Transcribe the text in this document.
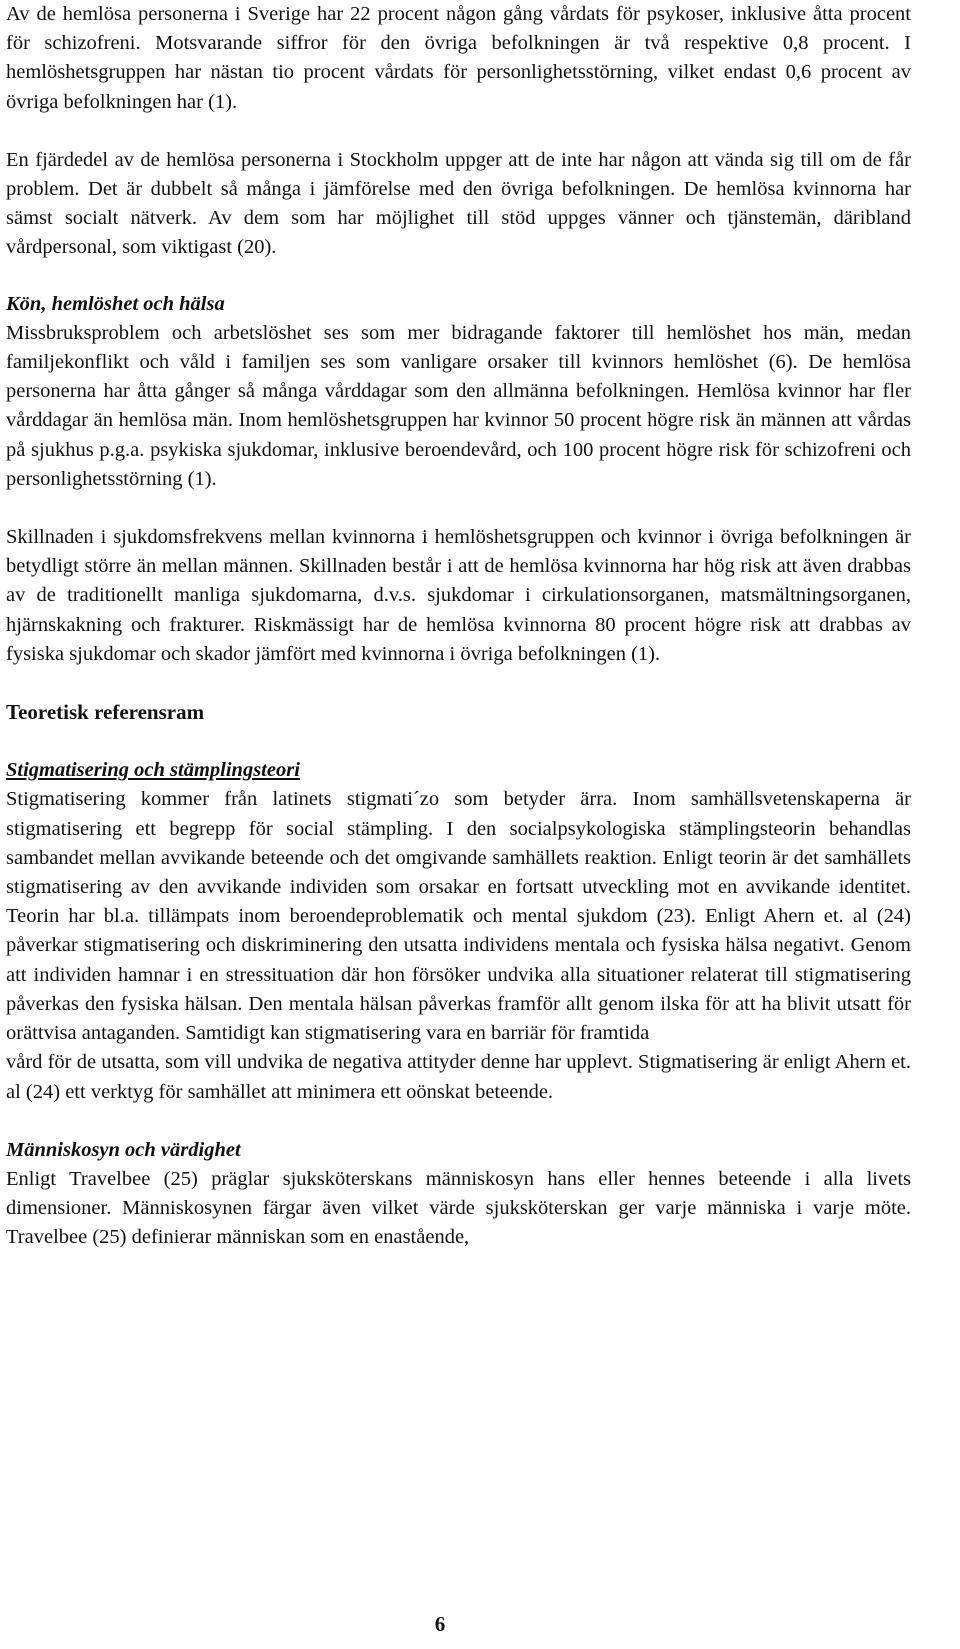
Av de hemlösa personerna i Sverige har 22 procent någon gång vårdats för psykoser, inklusive åtta procent för schizofreni. Motsvarande siffror för den övriga befolkningen är två respektive 0,8 procent. I hemlöshetsgruppen har nästan tio procent vårdats för personlighetsstörning, vilket endast 0,6 procent av övriga befolkningen har (1).

En fjärdedel av de hemlösa personerna i Stockholm uppger att de inte har någon att vända sig till om de får problem. Det är dubbelt så många i jämförelse med den övriga befolkningen. De hemlösa kvinnorna har sämst socialt nätverk. Av dem som har möjlighet till stöd uppges vänner och tjänstemän, däribland vårdpersonal, som viktigast (20).

Kön, hemlöshet och hälsa

Missbruksproblem och arbetslöshet ses som mer bidragande faktorer till hemlöshet hos män, medan familjekonflikt och våld i familjen ses som vanligare orsaker till kvinnors hemlöshet (6). De hemlösa personerna har åtta gånger så många vårddagar som den allmänna befolkningen. Hemlösa kvinnor har fler vårddagar än hemlösa män. Inom hemlöshetsgruppen har kvinnor 50 procent högre risk än männen att vårdas på sjukhus p.g.a. psykiska sjukdomar, inklusive beroendevård, och 100 procent högre risk för schizofreni och personlighetsstörning (1).

Skillnaden i sjukdomsfrekvens mellan kvinnorna i hemlöshetsgruppen och kvinnor i övriga befolkningen är betydligt större än mellan männen. Skillnaden består i att de hemlösa kvinnorna har hög risk att även drabbas av de traditionellt manliga sjukdomarna, d.v.s. sjukdomar i cirkulationsorganen, matsmältningsorganen, hjärnskakning och frakturer. Riskmässigt har de hemlösa kvinnorna 80 procent högre risk att drabbas av fysiska sjukdomar och skador jämfört med kvinnorna i övriga befolkningen (1).

Teoretisk referensram

Stigmatisering och stämplingsteori

Stigmatisering kommer från latinets stigmati´zo som betyder ärra. Inom samhällsvetenskaperna är stigmatisering ett begrepp för social stämpling. I den socialpsykologiska stämplingsteorin behandlas sambandet mellan avvikande beteende och det omgivande samhällets reaktion. Enligt teorin är det samhällets stigmatisering av den avvikande individen som orsakar en fortsatt utveckling mot en avvikande identitet. Teorin har bl.a. tillämpats inom beroendeproblematik och mental sjukdom (23). Enligt Ahern et. al (24) påverkar stigmatisering och diskriminering den utsatta individens mentala och fysiska hälsa negativt. Genom att individen hamnar i en stressituation där hon försöker undvika alla situationer relaterat till stigmatisering påverkas den fysiska hälsan. Den mentala hälsan påverkas framför allt genom ilska för att ha blivit utsatt för orättvisa antaganden. Samtidigt kan stigmatisering vara en barriär för framtida

vård för de utsatta, som vill undvika de negativa attityder denne har upplevt. Stigmatisering är enligt Ahern et. al (24) ett verktyg för samhället att minimera ett oönskat beteende.

Människosyn och värdighet

Enligt Travelbee (25) präglar sjuksköterskans människosyn hans eller hennes beteende i alla livets dimensioner. Människosynen färgar även vilket värde sjuksköterskan ger varje människa i varje möte. Travelbee (25) definierar människan som en enastående,

6
